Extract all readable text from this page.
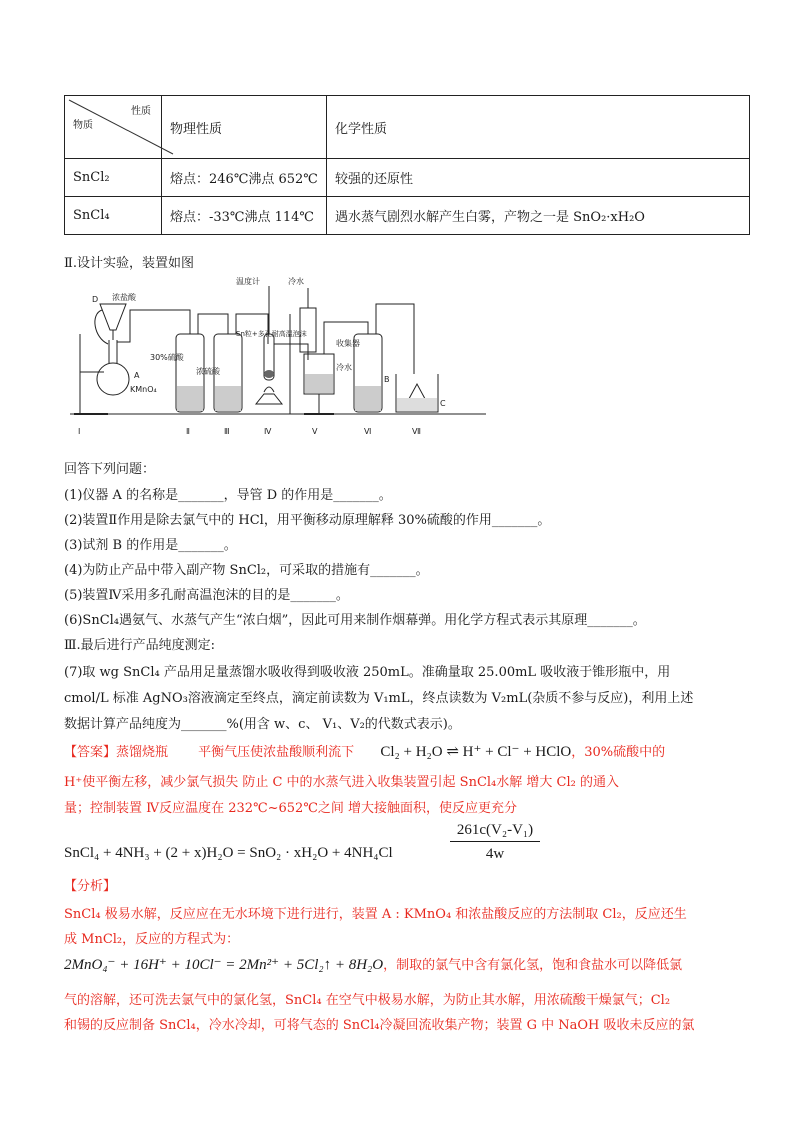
性质
物质	物理性质	化学性质
SnCl₂	熔点：246℃沸点 652℃	较强的还原性
SnCl₄	熔点：-33℃沸点 114℃	遇水蒸气剧烈水解产生白雾，产物之一是 SnO₂·xH₂O
Ⅱ.设计实验，装置如图
D 浓盐酸
A
KMnO₄
30%硫酸
浓硫酸
温度计	冷水
Sn粒+多孔耐高温泡沫
收集器
冷水
B
C
Ⅰ	Ⅱ	Ⅲ	Ⅳ	Ⅴ	Ⅵ	Ⅶ
回答下列问题：
(1)仪器 A 的名称是_______，导管 D 的作用是_______。
(2)装置Ⅱ作用是除去氯气中的 HCl，用平衡移动原理解释 30%硫酸的作用_______。
(3)试剂 B 的作用是_______。
(4)为防止产品中带入副产物 SnCl₂，可采取的措施有_______。
(5)装置Ⅳ采用多孔耐高温泡沫的目的是_______。
(6)SnCl₄遇氨气、水蒸气产生“浓白烟”，因此可用来制作烟幕弹。用化学方程式表示其原理_______。
Ⅲ.最后进行产品纯度测定:
(7)取 wg SnCl₄ 产品用足量蒸馏水吸收得到吸收液 250mL。准确量取 25.00mL 吸收液于锥形瓶中，用
cmol/L 标准 AgNO₃溶液滴定至终点，滴定前读数为 V₁mL，终点读数为 V₂mL(杂质不参与反应)，利用上述
数据计算产品纯度为_______%(用含 w、c、 V₁、V₂的代数式表示)。
【答案】蒸馏烧瓶 平衡气压使浓盐酸顺利流下 Cl₂ + H₂O ⇌ H⁺ + Cl⁻ + HClO，30%硫酸中的
H⁺使平衡左移，减少氯气损失 防止 C 中的水蒸气进入收集装置引起 SnCl₄水解 增大 Cl₂ 的通入
量；控制装置 Ⅳ反应温度在 232℃~652℃之间 增大接触面积，使反应更充分
SnCl₄ + 4NH₃ + (2 + x)H₂O = SnO₂ · xH₂O + 4NH₄Cl	$\frac{\text{261c(V₂-V₁)}}{4w}$
【分析】
SnCl₄ 极易水解，反应应在无水环境下进行进行，装置 A : KMnO₄ 和浓盐酸反应的方法制取 Cl₂，反应还生
成 MnCl₂，反应的方程式为：
2MnO₄⁻ + 16H⁺ + 10Cl⁻ = 2Mn²⁺ + 5Cl₂↑ + 8H₂O，制取的氯气中含有氯化氢，饱和食盐水可以降低氯
气的溶解，还可洗去氯气中的氯化氢，SnCl₄ 在空气中极易水解，为防止其水解，用浓硫酸干燥氯气；Cl₂
和锡的反应制备 SnCl₄，冷水冷却，可将气态的 SnCl₄冷凝回流收集产物；装置 G 中 NaOH 吸收未反应的氯
